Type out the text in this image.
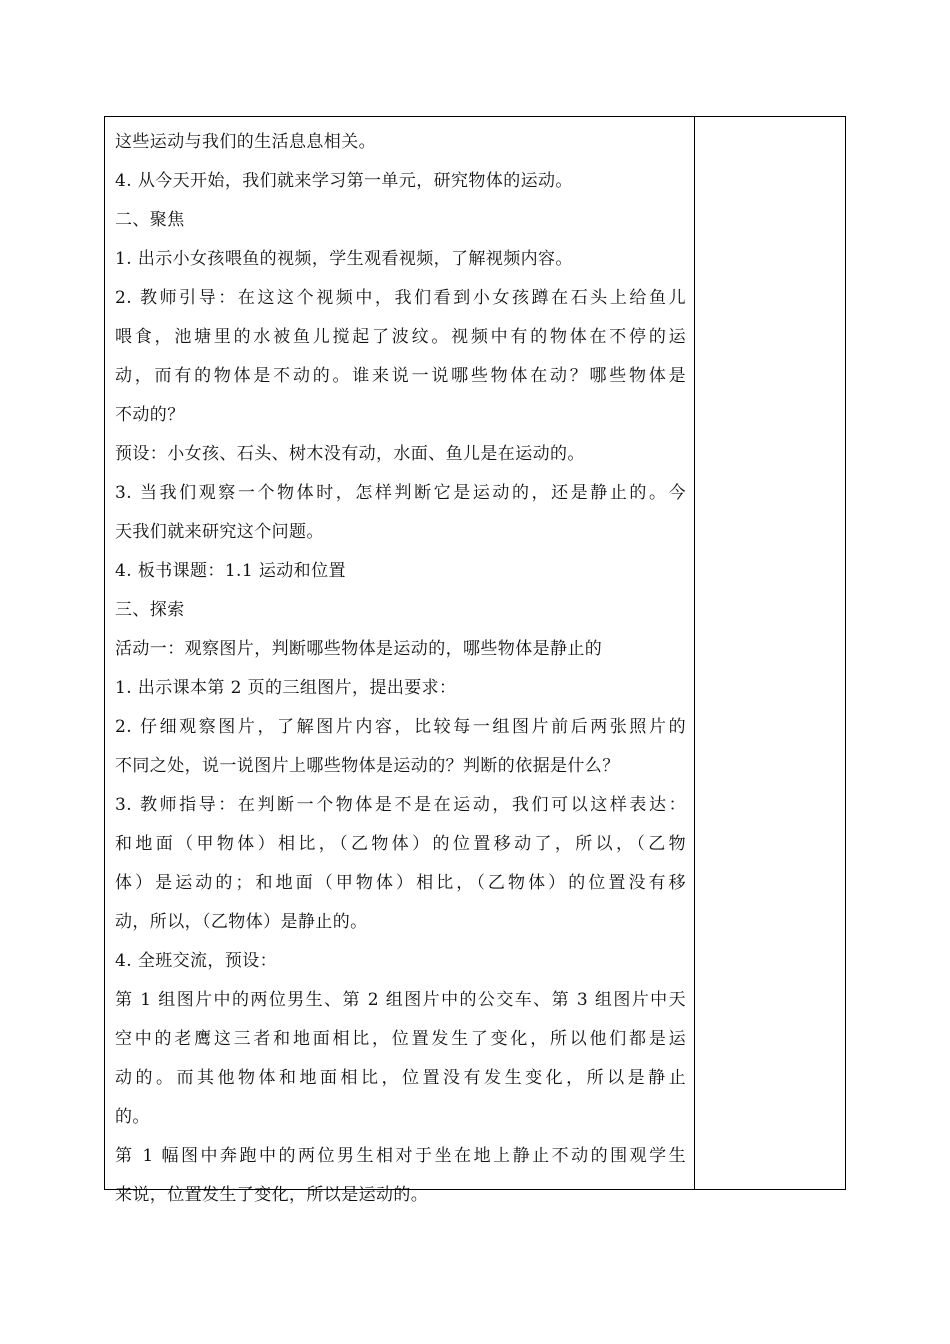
这些运动与我们的生活息息相关。
4. 从今天开始，我们就来学习第一单元，研究物体的运动。
二、聚焦
1. 出示小女孩喂鱼的视频，学生观看视频，了解视频内容。
2. 教师引导：在这这个视频中，我们看到小女孩蹲在石头上给鱼儿
喂食，池塘里的水被鱼儿搅起了波纹。视频中有的物体在不停的运
动，而有的物体是不动的。谁来说一说哪些物体在动？哪些物体是
不动的？
预设：小女孩、石头、树木没有动，水面、鱼儿是在运动的。
3. 当我们观察一个物体时，怎样判断它是运动的，还是静止的。今
天我们就来研究这个问题。
4. 板书课题：1.1 运动和位置
三、探索
活动一：观察图片，判断哪些物体是运动的，哪些物体是静止的
1. 出示课本第 2 页的三组图片，提出要求：
2. 仔细观察图片，了解图片内容，比较每一组图片前后两张照片的
不同之处，说一说图片上哪些物体是运动的？判断的依据是什么？
3. 教师指导：在判断一个物体是不是在运动，我们可以这样表达：
和地面（甲物体）相比，（乙物体）的位置移动了，所以，（乙物
体）是运动的；和地面（甲物体）相比，（乙物体）的位置没有移
动，所以，（乙物体）是静止的。
4. 全班交流，预设：
第 1 组图片中的两位男生、第 2 组图片中的公交车、第 3 组图片中天
空中的老鹰这三者和地面相比，位置发生了变化，所以他们都是运
动的。而其他物体和地面相比，位置没有发生变化，所以是静止
的。
第 1 幅图中奔跑中的两位男生相对于坐在地上静止不动的围观学生
来说，位置发生了变化，所以是运动的。
